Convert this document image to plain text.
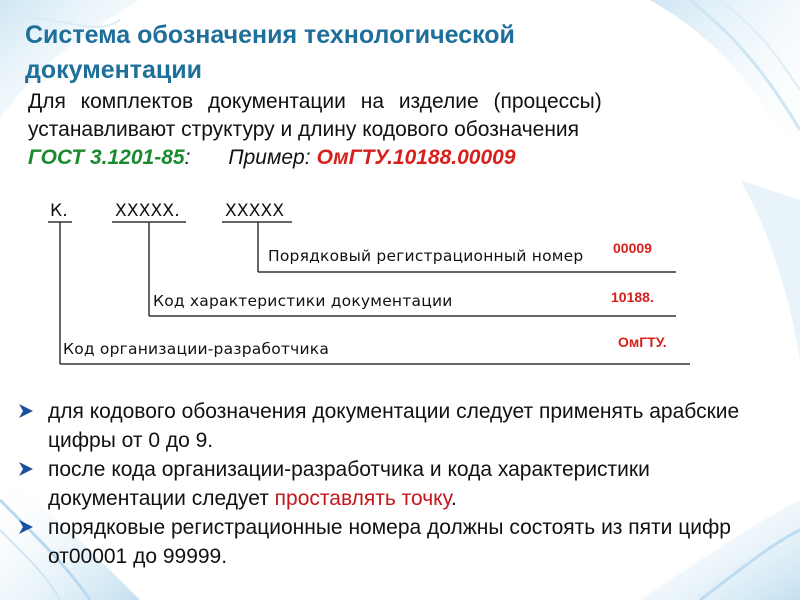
Система обозначения технологической документации
Для комплектов документации на изделие (процессы)
устанавливают структуру и длину кодового обозначения
ГОСТ 3.1201-85: Пример: ОмГТУ.10188.00009
К.	ХХХХХ.	ХХХХХ
Порядковый регистрационный номер 00009
Код характеристики документации	10188.
Код организации-разработчика	ОмГТУ.
для кодового обозначения документации следует применять арабские цифры от 0 до 9.
после кода организации-разработчика и кода характеристики документации следует проставлять точку.
порядковые регистрационные номера должны состоять из пяти цифр от00001 до 99999.
